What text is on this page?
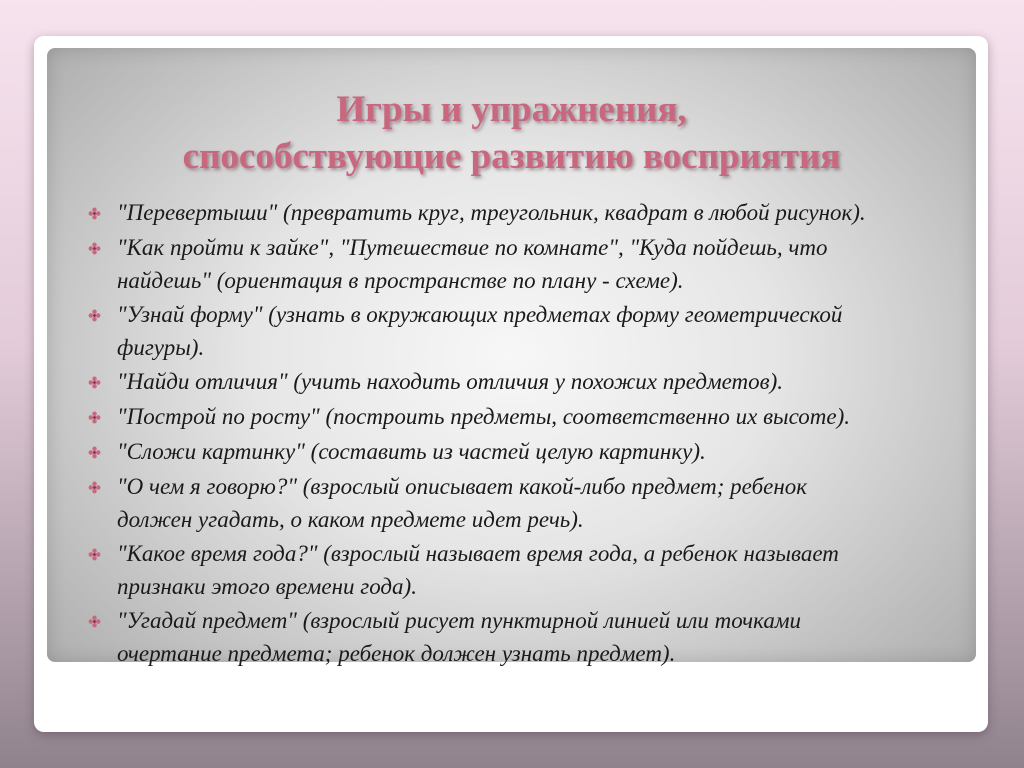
Игры и упражнения,
способствующие развитию восприятия
"Перевертыши" (превратить круг, треугольник, квадрат в любой рисунок).
"Как пройти к зайке", "Путешествие по комнате", "Куда пойдешь, что
найдешь" (ориентация в пространстве по плану - схеме).
"Узнай форму" (узнать в окружающих предметах форму геометрической
фигуры).
"Найди отличия" (учить находить отличия у похожих предметов).
"Построй по росту" (построить предметы, соответственно их высоте).
"Сложи картинку" (составить из частей целую картинку).
"О чем я говорю?" (взрослый описывает какой-либо предмет; ребенок
должен угадать, о каком предмете идет речь).
"Какое время года?" (взрослый называет время года, а ребенок называет
признаки этого времени года).
"Угадай предмет" (взрослый рисует пунктирной линией или точками
очертание предмета; ребенок должен узнать предмет).
